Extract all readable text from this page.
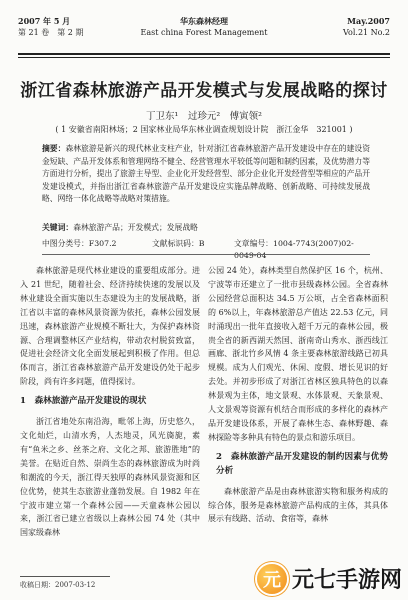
2007 年 5 月
第 21 卷　第 2 期
华东森林经理
East china Forest Management
May.2007
Vol.21 No.2
浙江省森林旅游产品开发模式与发展战略的探讨
丁卫东¹　过珍元²　傅寅领²
( 1 安徽省南阳林场；2 国家林业局华东林业调查规划设计院　浙江金华　321001 )
摘要：森林旅游是新兴的现代林业支柱产业，针对浙江省森林旅游产品开发建设中存在的建设资金短缺、产品开发体系和管理网络不健全、经营管理水平较低等问题和制约因素，及优势潜力等方面进行分析，提出了旅游主导型、企业化开发经营型、部分企业化开发经营型等相应的产品开发建设模式，并指出浙江省森林旅游产品开发建设应实施品牌战略、创新战略、可持续发展战略、网络一体化战略等战略对策措施。
关键词：森林旅游产品；开发模式；发展战略
中图分类号：F307.2	文献标识码：B	文章编号：1004-7743(2007)02-0049-04

森林旅游是现代林业建设的重要组成部分。进入 21 世纪，随着社会、经济持续快速的发展以及林业建设全面实施以生态建设为主的发展战略，浙江省以丰富的森林风景资源为依托，森林公园发展迅速，森林旅游产业规模不断壮大，为保护森林资源、合理调整林区产业结构，带动农村脱贫致富，促进社会经济文化全面发展起到积极了作用。但总体而言，浙江省森林旅游产品开发建设仍处于起步阶段，尚有许多问题，值得探讨。

1　森林旅游产品开发建设的现状

浙江省地处东南沿海，毗邻上海，历史悠久，文化灿烂，山清水秀，人杰地灵，风光旖旎，素有“鱼米之乡、丝茶之府、文化之邦、旅游胜地”的美誉。在贴近自然、崇尚生态的森林旅游成为时尚和潮流的今天，浙江得天独厚的森林风景资源和区位优势，使其生态旅游业蓬勃发展。自 1982 年在宁波市建立第一个森林公园——天童森林公园以来，浙江省已建立省级以上森林公园 74 处（其中国家级森林

公园 24 处），森林类型自然保护区 16 个，杭州、宁波等市还建立了一批市县级森林公园。全省森林公园经营总面积达 34.5 万公顷，占全省森林面积的 6%以上，年森林旅游总产值达 22.53 亿元，同时涌现出一批年直接收入超千万元的森林公园，极贵全省的新西湖天然国、浙南奇山秀水、浙西线江画廊、浙北竹乡风情 4 条主要森林旅游线路已初具规模。成为人们观光、休闲、度假、增长见识的好去处。并初步形成了对浙江省林区独具特色的以森林景观为主体，地文景观、水体景观、天象景观、人文景观等资源有机结合而形成的多样化的森林产品开发建设体系，开展了森林生态、森林野趣、森林探险等多种具有特色的景点和游乐项目。

2　森林旅游产品开发建设的制约因素与优势分析

森林旅游产品是由森林旅游实物和服务构成的综合体，服务是森林旅游产品构成的主体，其具体展示有线路、活动、食宿等，森林

收稿日期：2007-03-12	元 元七手游网
